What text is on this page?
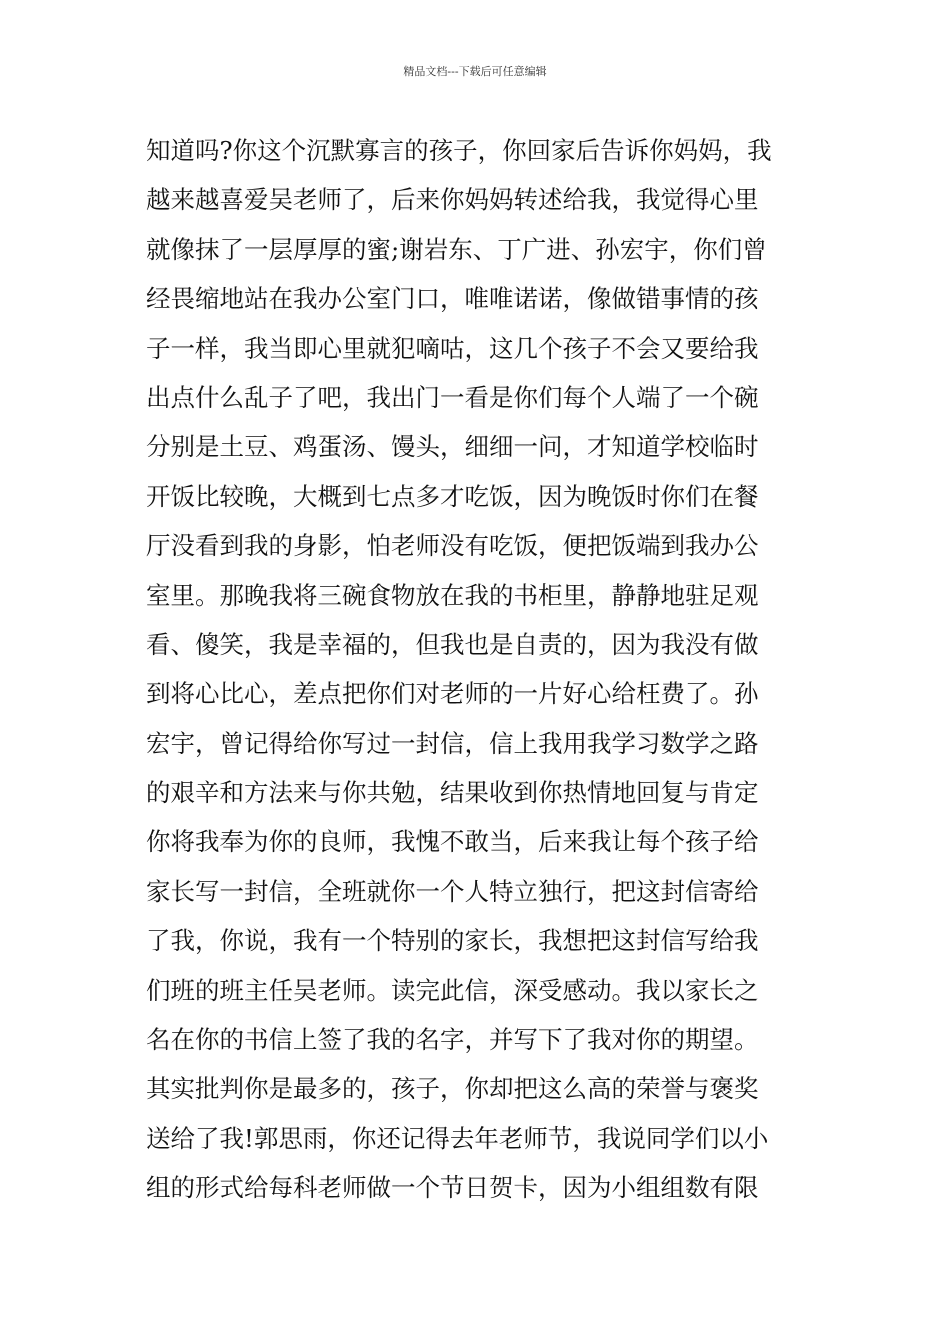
精品文档---下载后可任意编辑
知道吗?你这个沉默寡言的孩子，你回家后告诉你妈妈，我
越来越喜爱吴老师了，后来你妈妈转述给我，我觉得心里
就像抹了一层厚厚的蜜;谢岩东、丁广进、孙宏宇，你们曾
经畏缩地站在我办公室门口，唯唯诺诺，像做错事情的孩
子一样，我当即心里就犯嘀咕，这几个孩子不会又要给我
出点什么乱子了吧，我出门一看是你们每个人端了一个碗
分别是土豆、鸡蛋汤、馒头，细细一问，才知道学校临时
开饭比较晚，大概到七点多才吃饭，因为晚饭时你们在餐
厅没看到我的身影，怕老师没有吃饭，便把饭端到我办公
室里。那晚我将三碗食物放在我的书柜里，静静地驻足观
看、傻笑，我是幸福的，但我也是自责的，因为我没有做
到将心比心，差点把你们对老师的一片好心给枉费了。孙
宏宇，曾记得给你写过一封信，信上我用我学习数学之路
的艰辛和方法来与你共勉，结果收到你热情地回复与肯定
你将我奉为你的良师，我愧不敢当，后来我让每个孩子给
家长写一封信，全班就你一个人特立独行，把这封信寄给
了我，你说，我有一个特别的家长，我想把这封信写给我
们班的班主任吴老师。读完此信，深受感动。我以家长之
名在你的书信上签了我的名字，并写下了我对你的期望。
其实批判你是最多的，孩子，你却把这么高的荣誉与褒奖
送给了我!郭思雨，你还记得去年老师节，我说同学们以小
组的形式给每科老师做一个节日贺卡，因为小组组数有限
